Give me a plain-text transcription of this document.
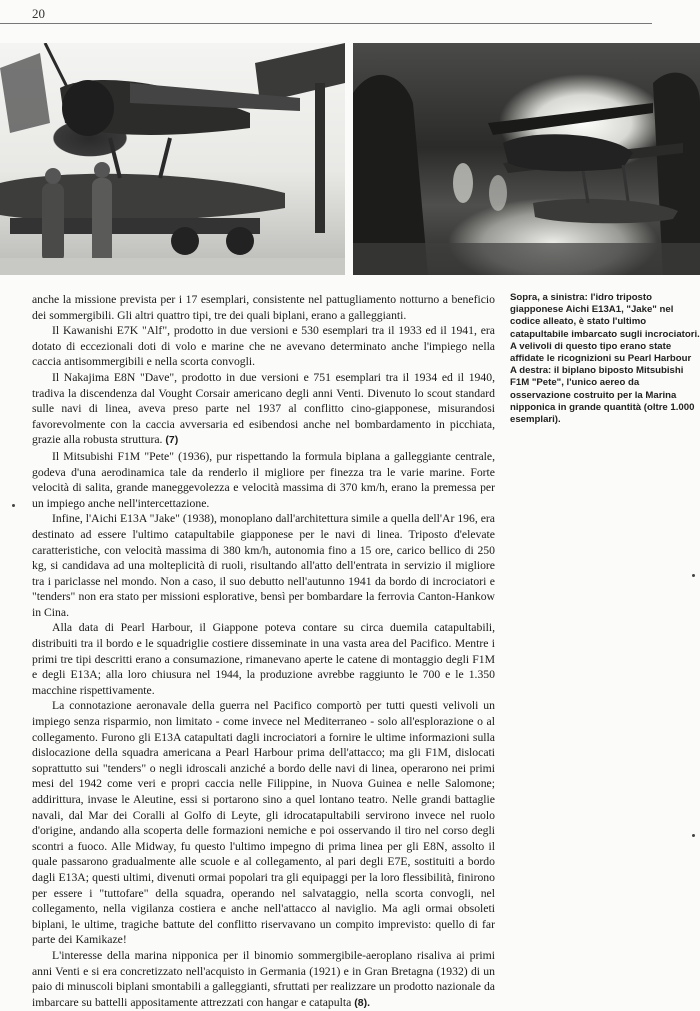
20
Sopra, a sinistra: l'idro triposto giapponese Aichi E13A1, "Jake" nel codice alleato, è stato l'ultimo catapultabile imbarcato sugli incrociatori. A velivoli di questo tipo erano state affidate le ricognizioni su Pearl Harbour A destra: il biplano biposto Mitsubishi F1M "Pete", l'unico aereo da osservazione costruito per la Marina nipponica in grande quantità (oltre 1.000 esemplari).

anche la missione prevista per i 17 esemplari, consistente nel pattugliamento notturno a beneficio dei sommergibili. Gli altri quattro tipi, tre dei quali biplani, erano a galleggianti.

Il Kawanishi E7K "Alf", prodotto in due versioni e 530 esemplari tra il 1933 ed il 1941, era dotato di eccezionali doti di volo e marine che ne avevano determinato anche l'impiego nella caccia antisommergibili e nella scorta convogli.

Il Nakajima E8N "Dave", prodotto in due versioni e 751 esemplari tra il 1934 ed il 1940, tradiva la discendenza dal Vought Corsair americano degli anni Venti. Divenuto lo scout standard sulle navi di linea, aveva preso parte nel 1937 al conflitto cino-giapponese, misurandosi favorevolmente con la caccia avversaria ed esibendosi anche nel bombardamento in picchiata, grazie alla robusta struttura. (7)

Il Mitsubishi F1M "Pete" (1936), pur rispettando la formula biplana a galleggiante centrale, godeva d'una aerodinamica tale da renderlo il migliore per finezza tra le varie marine. Forte velocità di salita, grande maneggevolezza e velocità massima di 370 km/h, erano la premessa per un impiego anche nell'intercettazione.

Infine, l'Aichi E13A "Jake" (1938), monoplano dall'architettura simile a quella dell'Ar 196, era destinato ad essere l'ultimo catapultabile giapponese per le navi di linea. Triposto d'elevate caratteristiche, con velocità massima di 380 km/h, autonomia fino a 15 ore, carico bellico di 250 kg, si candidava ad una molteplicità di ruoli, risultando all'atto dell'entrata in servizio il migliore tra i pariclasse nel mondo. Non a caso, il suo debutto nell'autunno 1941 da bordo di incrociatori e "tenders" non era stato per missioni esplorative, bensì per bombardare la ferrovia Canton-Hankow in Cina.

Alla data di Pearl Harbour, il Giappone poteva contare su circa duemila catapultabili, distribuiti tra il bordo e le squadriglie costiere disseminate in una vasta area del Pacifico. Mentre i primi tre tipi descritti erano a consumazione, rimanevano aperte le catene di montaggio degli F1M e degli E13A; alla loro chiusura nel 1944, la produzione avrebbe raggiunto le 700 e le 1.350 macchine rispettivamente.

La connotazione aeronavale della guerra nel Pacifico comportò per tutti questi velivoli un impiego senza risparmio, non limitato - come invece nel Mediterraneo - solo all'esplorazione o al collegamento. Furono gli E13A catapultati dagli incrociatori a fornire le ultime informazioni sulla dislocazione della squadra americana a Pearl Harbour prima dell'attacco; ma gli F1M, dislocati soprattutto sui "tenders" o negli idroscali anziché a bordo delle navi di linea, operarono nei primi mesi del 1942 come veri e propri caccia nelle Filippine, in Nuova Guinea e nelle Salomone; addirittura, invase le Aleutine, essi si portarono sino a quel lontano teatro. Nelle grandi battaglie navali, dal Mar dei Coralli al Golfo di Leyte, gli idrocatapultabili servirono invece nel ruolo d'origine, andando alla scoperta delle formazioni nemiche e poi osservando il tiro nel corso degli scontri a fuoco. Alle Midway, fu questo l'ultimo impegno di prima linea per gli E8N, assolto il quale passarono gradualmente alle scuole e al collegamento, al pari degli E7E, sostituiti a bordo dagli E13A; questi ultimi, divenuti ormai popolari tra gli equipaggi per la loro flessibilità, finirono per essere i "tuttofare" della squadra, operando nel salvataggio, nella scorta convogli, nel collegamento, nella vigilanza costiera e anche nell'attacco al naviglio. Ma agli ormai obsoleti biplani, le ultime, tragiche battute del conflitto riservavano un compito imprevisto: quello di far parte dei Kamikaze!

L'interesse della marina nipponica per il binomio sommergibile-aeroplano risaliva ai primi anni Venti e si era concretizzato nell'acquisto in Germania (1921) e in Gran Bretagna (1932) di un paio di minuscoli biplani smontabili a galleggianti, sfruttati per realizzare un prodotto nazionale da imbarcare su battelli appositamente attrezzati con hangar e catapulta (8).
